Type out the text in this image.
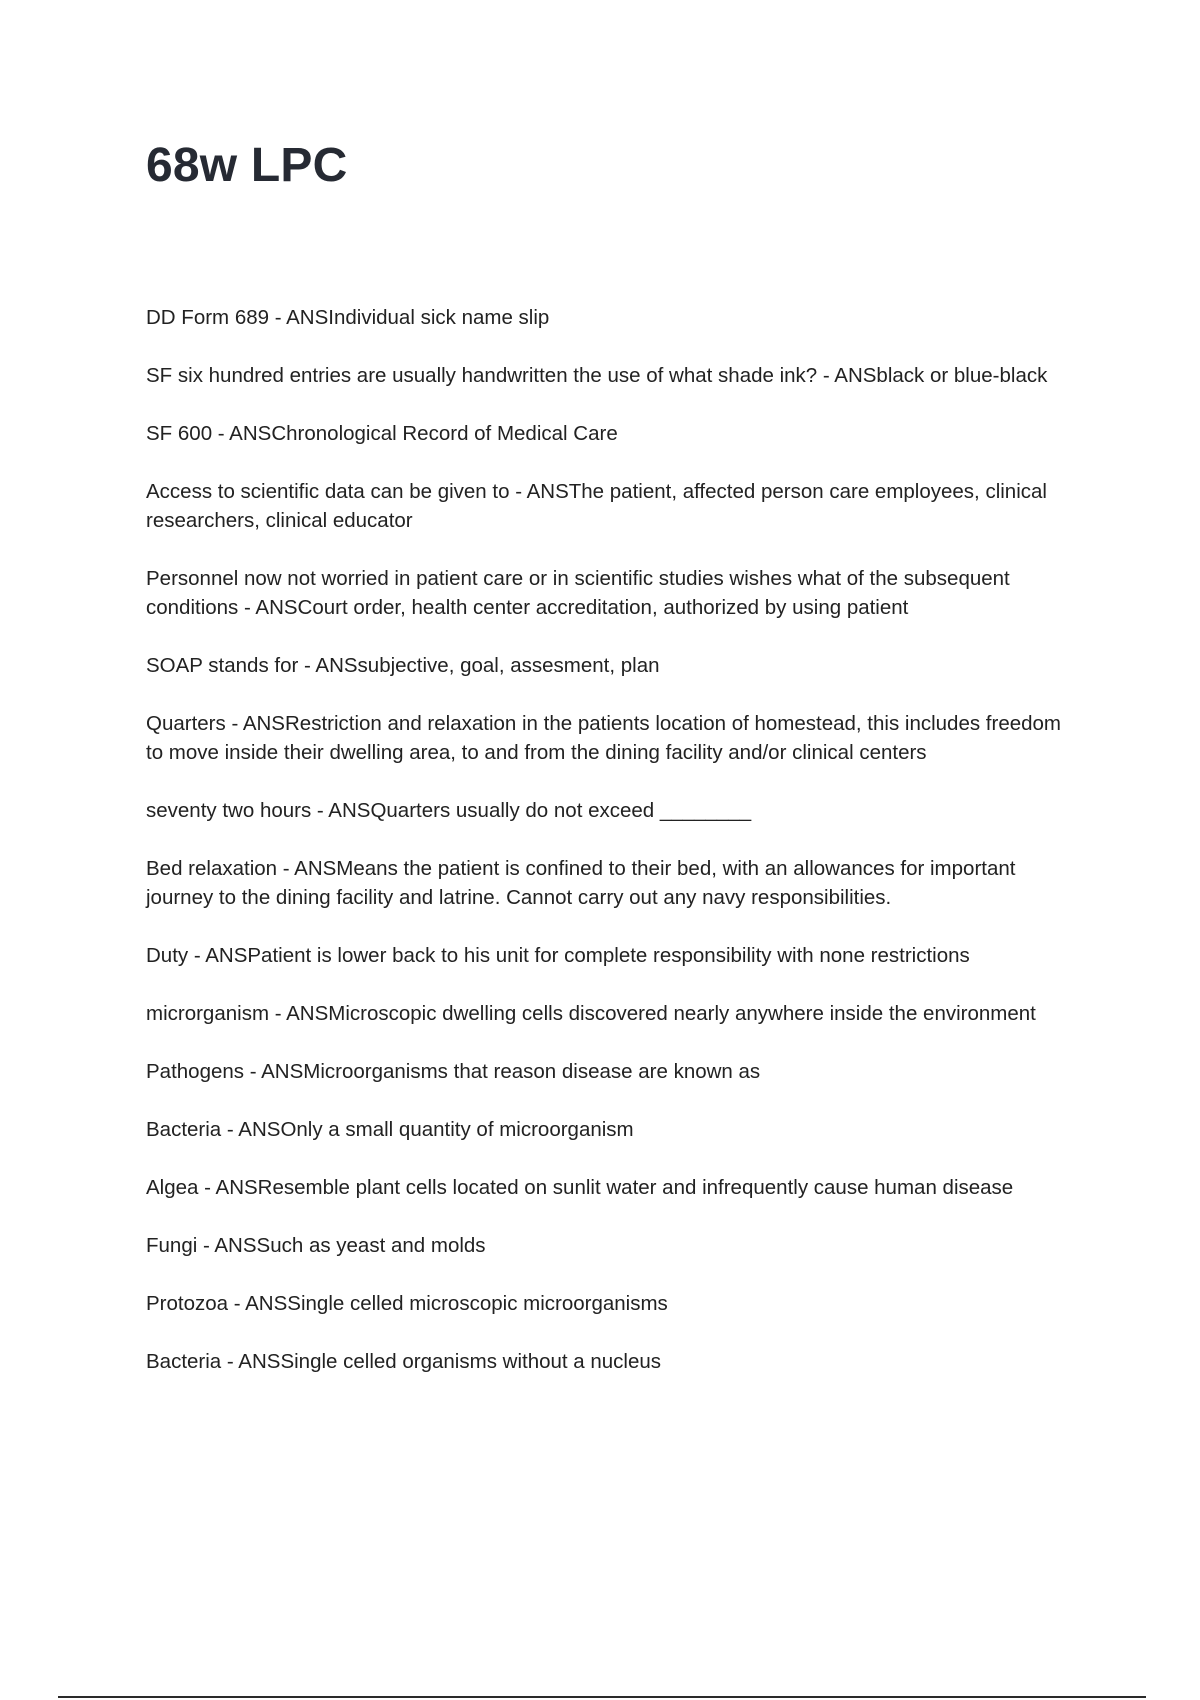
68w LPC
DD Form 689 - ANSIndividual sick name slip
SF six hundred entries are usually handwritten the use of what shade ink? - ANSblack or blue-black
SF 600 - ANSChronological Record of Medical Care
Access to scientific data can be given to - ANSThe patient, affected person care employees, clinical researchers, clinical educator
Personnel now not worried in patient care or in scientific studies wishes what of the subsequent conditions - ANSCourt order, health center accreditation, authorized by using patient
SOAP stands for - ANSsubjective, goal, assesment, plan
Quarters - ANSRestriction and relaxation in the patients location of homestead, this includes freedom to move inside their dwelling area, to and from the dining facility and/or clinical centers
seventy two hours - ANSQuarters usually do not exceed ________
Bed relaxation - ANSMeans the patient is confined to their bed, with an allowances for important journey to the dining facility and latrine. Cannot carry out any navy responsibilities.
Duty - ANSPatient is lower back to his unit for complete responsibility with none restrictions
microrganism - ANSMicroscopic dwelling cells discovered nearly anywhere inside the environment
Pathogens - ANSMicroorganisms that reason disease are known as
Bacteria - ANSOnly a small quantity of microorganism
Algea - ANSResemble plant cells located on sunlit water and infrequently cause human disease
Fungi - ANSSuch as yeast and molds
Protozoa - ANSSingle celled microscopic microorganisms
Bacteria - ANSSingle celled organisms without a nucleus
